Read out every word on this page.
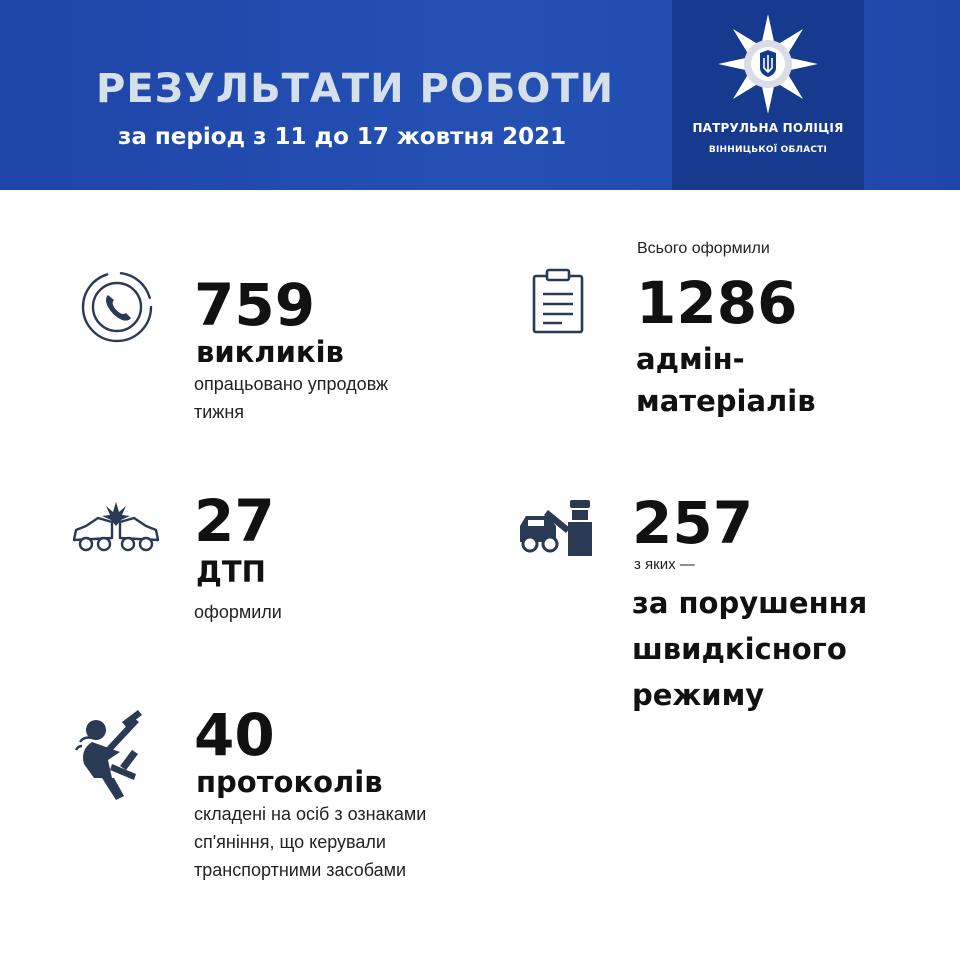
РЕЗУЛЬТАТИ РОБОТИ
за період з 11 до 17 жовтня 2021	ПАТРУЛЬНА ПОЛІЦІЯ
ВІННИЦЬКОЇ ОБЛАСТІ
759
викликів
опрацьовано упродовж
тижня
Всього оформили
1286
адмін-
матеріалів
27
ДТП
оформили
257
з яких —
за порушення
швидкісного
режиму
40
протоколів
складені на осіб з ознаками
сп'яніння, що керували
транспортними засобами
